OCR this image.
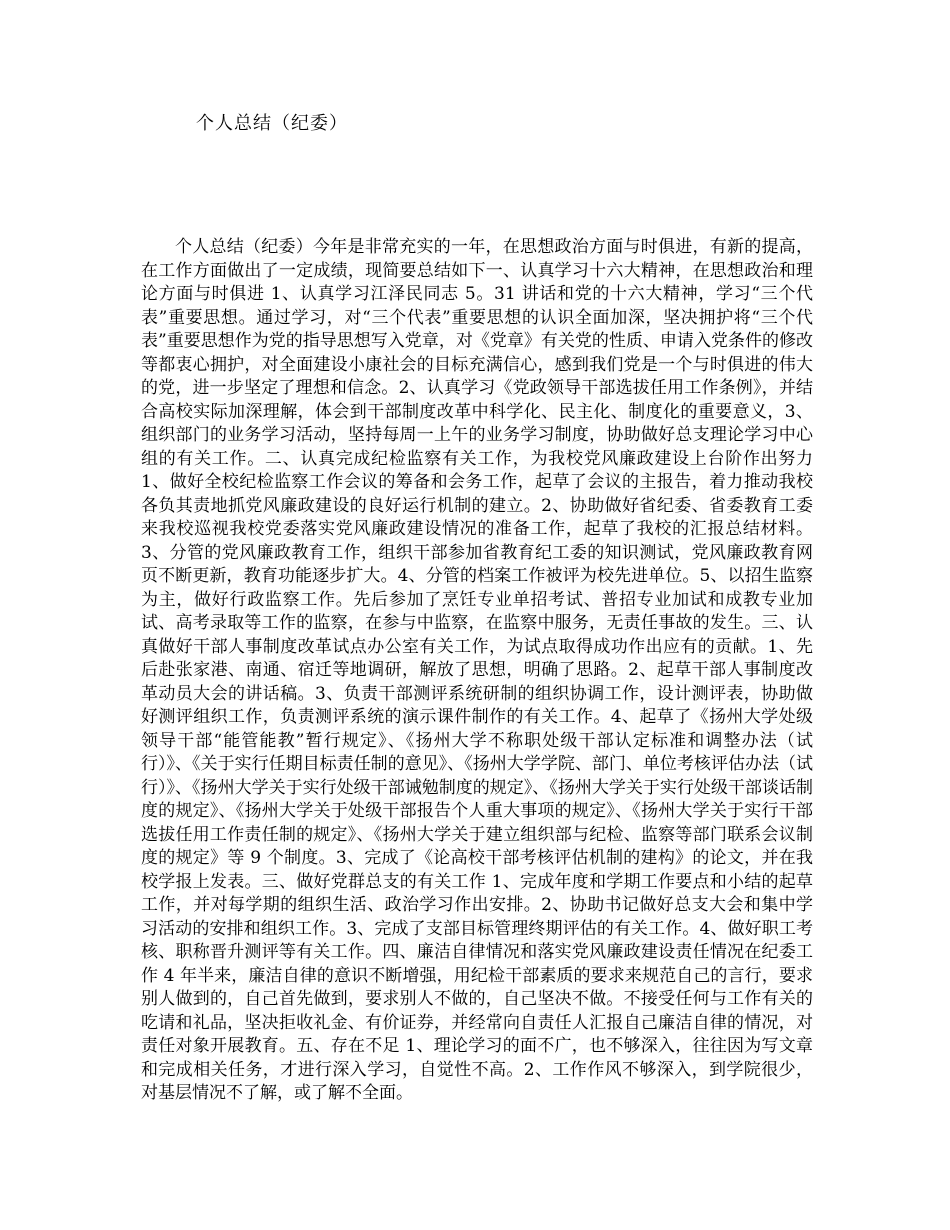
个人总结（纪委）

个人总结（纪委）今年是非常充实的一年，在思想政治方面与时俱进，有新的提高，在工作方面做出了一定成绩，现简要总结如下一、认真学习十六大精神，在思想政治和理论方面与时俱进 1、认真学习江泽民同志 5。31 讲话和党的十六大精神，学习“三个代表”重要思想。通过学习，对“三个代表”重要思想的认识全面加深，坚决拥护将“三个代表”重要思想作为党的指导思想写入党章，对《党章》有关党的性质、申请入党条件的修改等都衷心拥护，对全面建设小康社会的目标充满信心，感到我们党是一个与时俱进的伟大的党，进一步坚定了理想和信念。2、认真学习《党政领导干部选拔任用工作条例》，并结合高校实际加深理解，体会到干部制度改革中科学化、民主化、制度化的重要意义，3、组织部门的业务学习活动，坚持每周一上午的业务学习制度，协助做好总支理论学习中心组的有关工作。二、认真完成纪检监察有关工作，为我校党风廉政建设上台阶作出努力 1、做好全校纪检监察工作会议的筹备和会务工作，起草了会议的主报告，着力推动我校各负其责地抓党风廉政建设的良好运行机制的建立。2、协助做好省纪委、省委教育工委来我校巡视我校党委落实党风廉政建设情况的准备工作，起草了我校的汇报总结材料。3、分管的党风廉政教育工作，组织干部参加省教育纪工委的知识测试，党风廉政教育网页不断更新，教育功能逐步扩大。4、分管的档案工作被评为校先进单位。5、以招生监察为主，做好行政监察工作。先后参加了烹饪专业单招考试、普招专业加试和成教专业加试、高考录取等工作的监察，在参与中监察，在监察中服务，无责任事故的发生。三、认真做好干部人事制度改革试点办公室有关工作，为试点取得成功作出应有的贡献。1、先后赴张家港、南通、宿迁等地调研，解放了思想，明确了思路。2、起草干部人事制度改革动员大会的讲话稿。3、负责干部测评系统研制的组织协调工作，设计测评表，协助做好测评组织工作，负责测评系统的演示课件制作的有关工作。4、起草了《扬州大学处级领导干部“能管能教”暂行规定》、《扬州大学不称职处级干部认定标准和调整办法（试行）》、《关于实行任期目标责任制的意见》、《扬州大学学院、部门、单位考核评估办法（试行）》、《扬州大学关于实行处级干部诫勉制度的规定》、《扬州大学关于实行处级干部谈话制度的规定》、《扬州大学关于处级干部报告个人重大事项的规定》、《扬州大学关于实行干部选拔任用工作责任制的规定》、《扬州大学关于建立组织部与纪检、监察等部门联系会议制度的规定》等 9 个制度。3、完成了《论高校干部考核评估机制的建构》的论文，并在我校学报上发表。三、做好党群总支的有关工作 1、完成年度和学期工作要点和小结的起草工作，并对每学期的组织生活、政治学习作出安排。2、协助书记做好总支大会和集中学习活动的安排和组织工作。3、完成了支部目标管理终期评估的有关工作。4、做好职工考核、职称晋升测评等有关工作。四、廉洁自律情况和落实党风廉政建设责任情况在纪委工作 4 年半来，廉洁自律的意识不断增强，用纪检干部素质的要求来规范自己的言行，要求别人做到的，自己首先做到，要求别人不做的，自己坚决不做。不接受任何与工作有关的吃请和礼品，坚决拒收礼金、有价证券，并经常向自责任人汇报自己廉洁自律的情况，对责任对象开展教育。五、存在不足 1、理论学习的面不广，也不够深入，往往因为写文章和完成相关任务，才进行深入学习，自觉性不高。2、工作作风不够深入，到学院很少，对基层情况不了解，或了解不全面。
